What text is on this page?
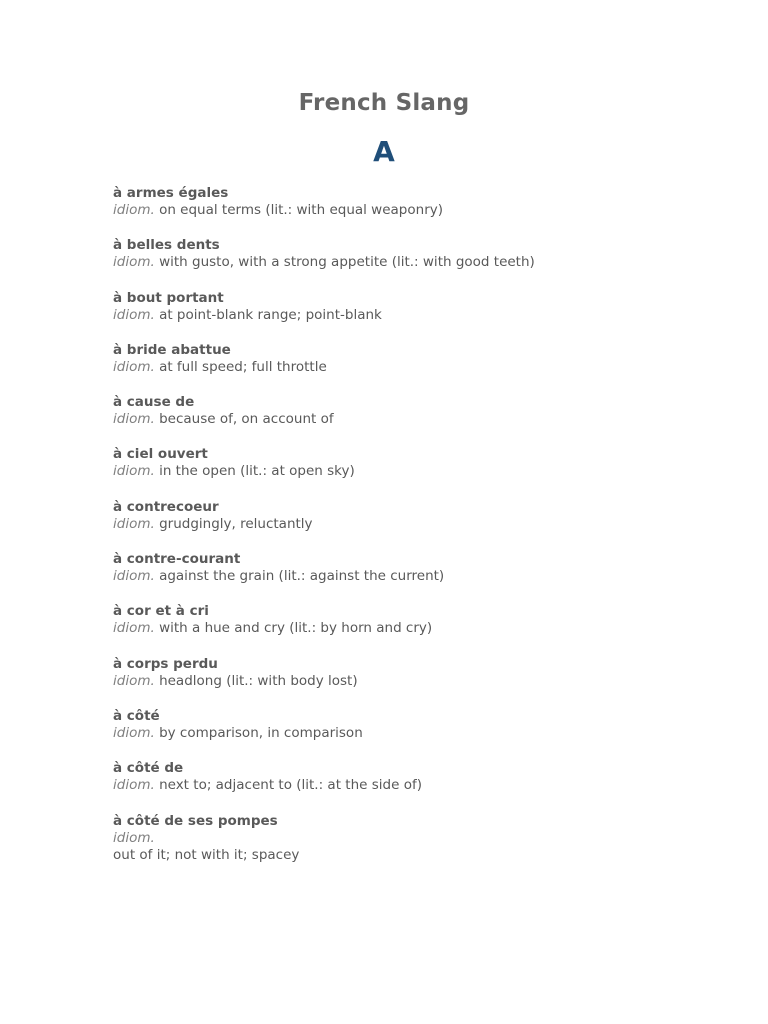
French Slang
A
à armes égales
idiom. on equal terms (lit.: with equal weaponry)
à belles dents
idiom. with gusto, with a strong appetite (lit.: with good teeth)
à bout portant
idiom. at point-blank range; point-blank
à bride abattue
idiom. at full speed; full throttle
à cause de
idiom. because of, on account of
à ciel ouvert
idiom. in the open (lit.: at open sky)
à contrecoeur
idiom. grudgingly, reluctantly
à contre-courant
idiom. against the grain (lit.: against the current)
à cor et à cri
idiom. with a hue and cry (lit.: by horn and cry)
à corps perdu
idiom. headlong (lit.: with body lost)
à côté
idiom. by comparison, in comparison
à côté de
idiom. next to; adjacent to (lit.: at the side of)
à côté de ses pompes
idiom.
out of it; not with it; spacey
